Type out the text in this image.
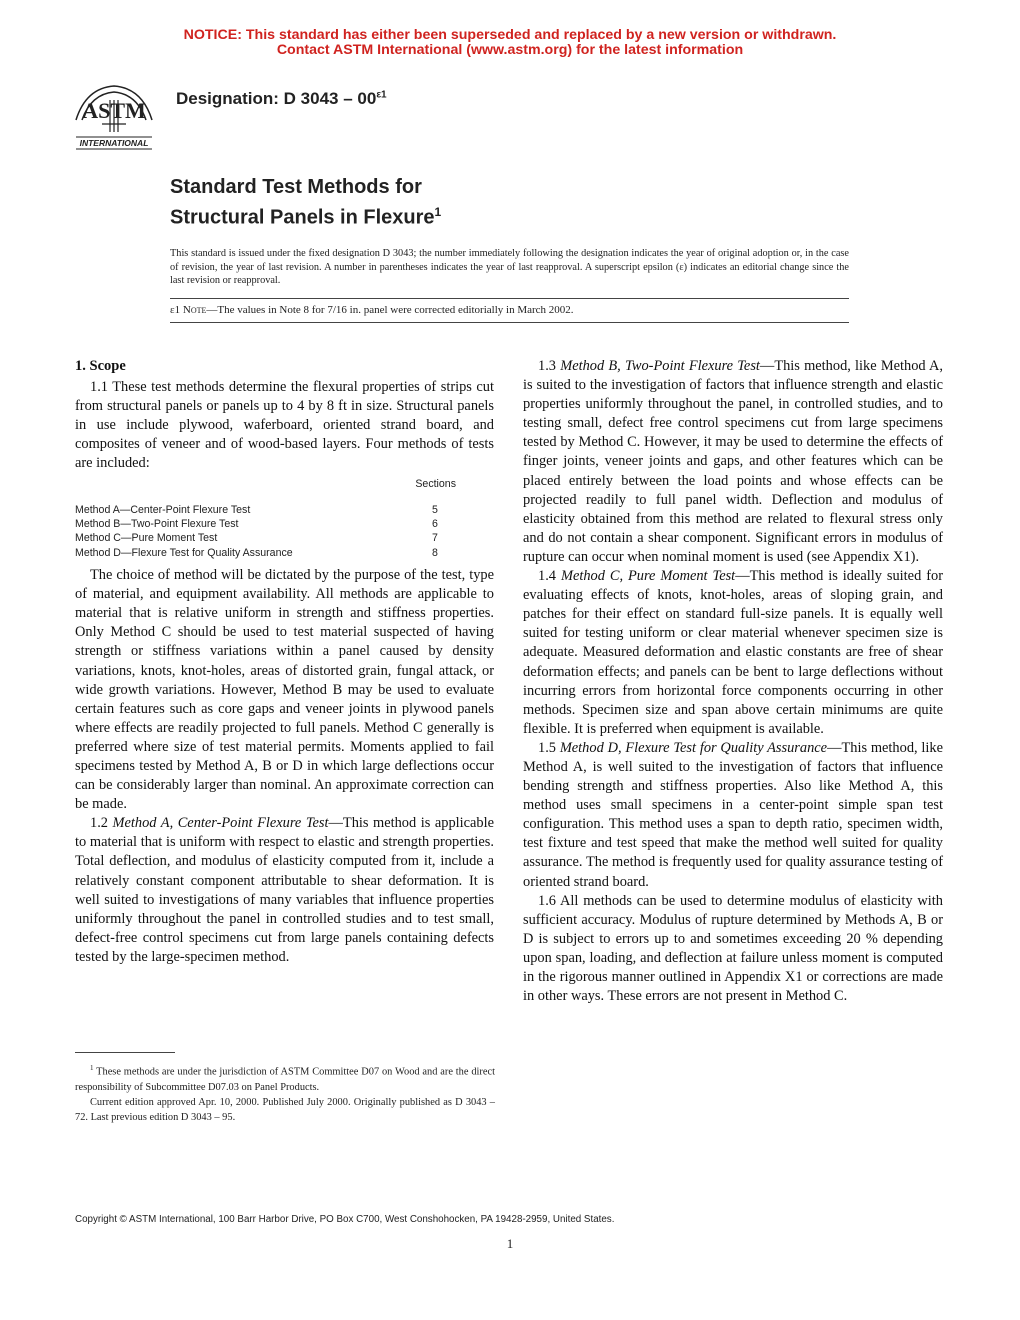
NOTICE: This standard has either been superseded and replaced by a new version or withdrawn.
Contact ASTM International (www.astm.org) for the latest information
ASTM
INTERNATIONAL
Designation: D $3043 - 00^{\varepsilon 1}$
Standard Test Methods for
Structural Panels in Flexure$^1$
This standard is issued under the fixed designation D 3043; the number immediately following the designation indicates the year of original adoption or, in the case of revision, the year of last revision. A number in parentheses indicates the year of last reapproval. A superscript epsilon (ε) indicates an editorial change since the last revision or reapproval.
ε1 Note—The values in Note 8 for 7/16 in. panel were corrected editorially in March 2002.
1. Scope

1.1 These test methods determine the flexural properties of strips cut from structural panels or panels up to 4 by 8 ft in size. Structural panels in use include plywood, waferboard, oriented strand board, and composites of veneer and of wood-based layers. Four methods of tests are included:

Sections
Method A—Center-Point Flexure Test	5
Method B—Two-Point Flexure Test	6
Method C—Pure Moment Test	7
Method D—Flexure Test for Quality Assurance	8

The choice of method will be dictated by the purpose of the test, type of material, and equipment availability. All methods are applicable to material that is relative uniform in strength and stiffness properties. Only Method C should be used to test material suspected of having strength or stiffness variations within a panel caused by density variations, knots, knot-holes, areas of distorted grain, fungal attack, or wide growth variations. However, Method B may be used to evaluate certain features such as core gaps and veneer joints in plywood panels where effects are readily projected to full panels. Method C generally is preferred where size of test material permits. Moments applied to fail specimens tested by Method A, B or D in which large deflections occur can be considerably larger than nominal. An approximate correction can be made.

1.2 Method A, Center-Point Flexure Test—This method is applicable to material that is uniform with respect to elastic and strength properties. Total deflection, and modulus of elasticity computed from it, include a relatively constant component attributable to shear deformation. It is well suited to investigations of many variables that influence properties uniformly throughout the panel in controlled studies and to test small, defect-free control specimens cut from large panels containing defects tested by the large-specimen method.

1.3 Method B, Two-Point Flexure Test—This method, like Method A, is suited to the investigation of factors that influence strength and elastic properties uniformly throughout the panel, in controlled studies, and to testing small, defect free control specimens cut from large specimens tested by Method C. However, it may be used to determine the effects of finger joints, veneer joints and gaps, and other features which can be placed entirely between the load points and whose effects can be projected readily to full panel width. Deflection and modulus of elasticity obtained from this method are related to flexural stress only and do not contain a shear component. Significant errors in modulus of rupture can occur when nominal moment is used (see Appendix X1).

1.4 Method C, Pure Moment Test—This method is ideally suited for evaluating effects of knots, knot-holes, areas of sloping grain, and patches for their effect on standard full-size panels. It is equally well suited for testing uniform or clear material whenever specimen size is adequate. Measured deformation and elastic constants are free of shear deformation effects; and panels can be bent to large deflections without incurring errors from horizontal force components occurring in other methods. Specimen size and span above certain minimums are quite flexible. It is preferred when equipment is available.

1.5 Method D, Flexure Test for Quality Assurance—This method, like Method A, is well suited to the investigation of factors that influence bending strength and stiffness properties. Also like Method A, this method uses small specimens in a center-point simple span test configuration. This method uses a span to depth ratio, specimen width, test fixture and test speed that make the method well suited for quality assurance. The method is frequently used for quality assurance testing of oriented strand board.

1.6 All methods can be used to determine modulus of elasticity with sufficient accuracy. Modulus of rupture determined by Methods A, B or D is subject to errors up to and sometimes exceeding 20 % depending upon span, loading, and deflection at failure unless moment is computed in the rigorous manner outlined in Appendix X1 or corrections are made in other ways. These errors are not present in Method C.

$^1$ These methods are under the jurisdiction of ASTM Committee D07 on Wood and are the direct responsibility of Subcommittee D07.03 on Panel Products.

Current edition approved Apr. 10, 2000. Published July 2000. Originally published as D 3043 – 72. Last previous edition D 3043 – 95.

Copyright © ASTM International, 100 Barr Harbor Drive, PO Box C700, West Conshohocken, PA 19428-2959, United States.
1
